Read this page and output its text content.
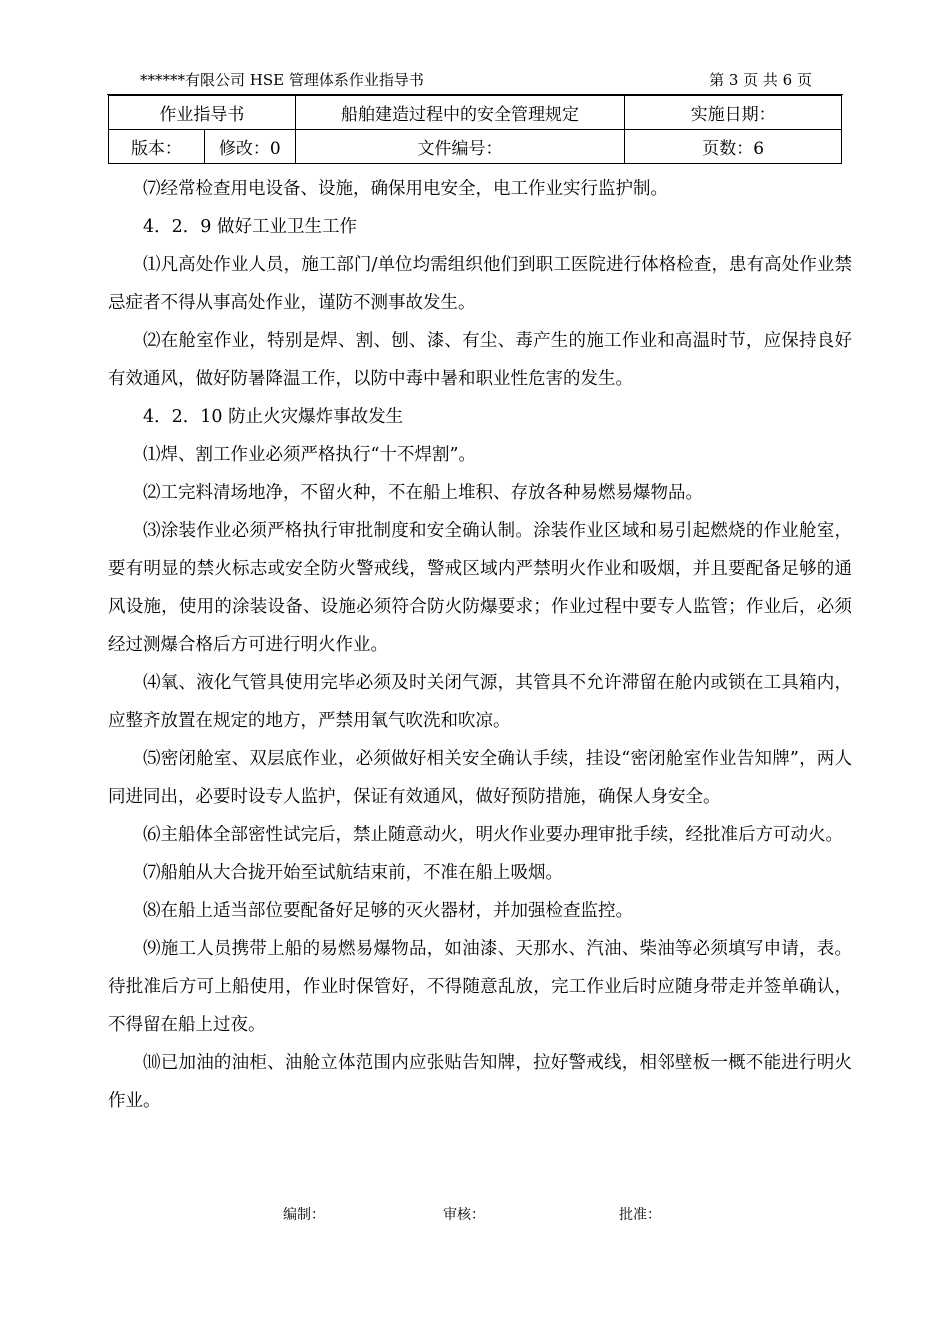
******有限公司 HSE 管理体系作业指导书	第 3 页 共 6 页
作业指导书		船舶建造过程中的安全管理规定	实施日期：
版本：	修改：0	文件编号：	页数：6

⑺经常检查用电设备、设施，确保用电安全，电工作业实行监护制。

4．2．9 做好工业卫生工作

⑴凡高处作业人员，施工部门/单位均需组织他们到职工医院进行体格检查，患有高处作业禁忌症者不得从事高处作业，谨防不测事故发生。

⑵在舱室作业，特别是焊、割、刨、漆、有尘、毒产生的施工作业和高温时节，应保持良好有效通风，做好防暑降温工作，以防中毒中暑和职业性危害的发生。

4．2．10 防止火灾爆炸事故发生

⑴焊、割工作业必须严格执行“十不焊割”。

⑵工完料清场地净，不留火种，不在船上堆积、存放各种易燃易爆物品。

⑶涂装作业必须严格执行审批制度和安全确认制。涂装作业区域和易引起燃烧的作业舱室，要有明显的禁火标志或安全防火警戒线，警戒区域内严禁明火作业和吸烟，并且要配备足够的通风设施，使用的涂装设备、设施必须符合防火防爆要求；作业过程中要专人监管；作业后，必须经过测爆合格后方可进行明火作业。

⑷氧、液化气管具使用完毕必须及时关闭气源，其管具不允许滞留在舱内或锁在工具箱内，应整齐放置在规定的地方，严禁用氧气吹洗和吹凉。

⑸密闭舱室、双层底作业，必须做好相关安全确认手续，挂设“密闭舱室作业告知牌”，两人同进同出，必要时设专人监护，保证有效通风，做好预防措施，确保人身安全。

⑹主船体全部密性试完后，禁止随意动火，明火作业要办理审批手续，经批准后方可动火。

⑺船舶从大合拢开始至试航结束前，不准在船上吸烟。

⑻在船上适当部位要配备好足够的灭火器材，并加强检查监控。

⑼施工人员携带上船的易燃易爆物品，如油漆、天那水、汽油、柴油等必须填写申请，表。待批准后方可上船使用，作业时保管好，不得随意乱放，完工作业后时应随身带走并签单确认，不得留在船上过夜。

⑽已加油的油柜、油舱立体范围内应张贴告知牌，拉好警戒线，相邻壁板一概不能进行明火作业。

编制：	审核：	批准：
